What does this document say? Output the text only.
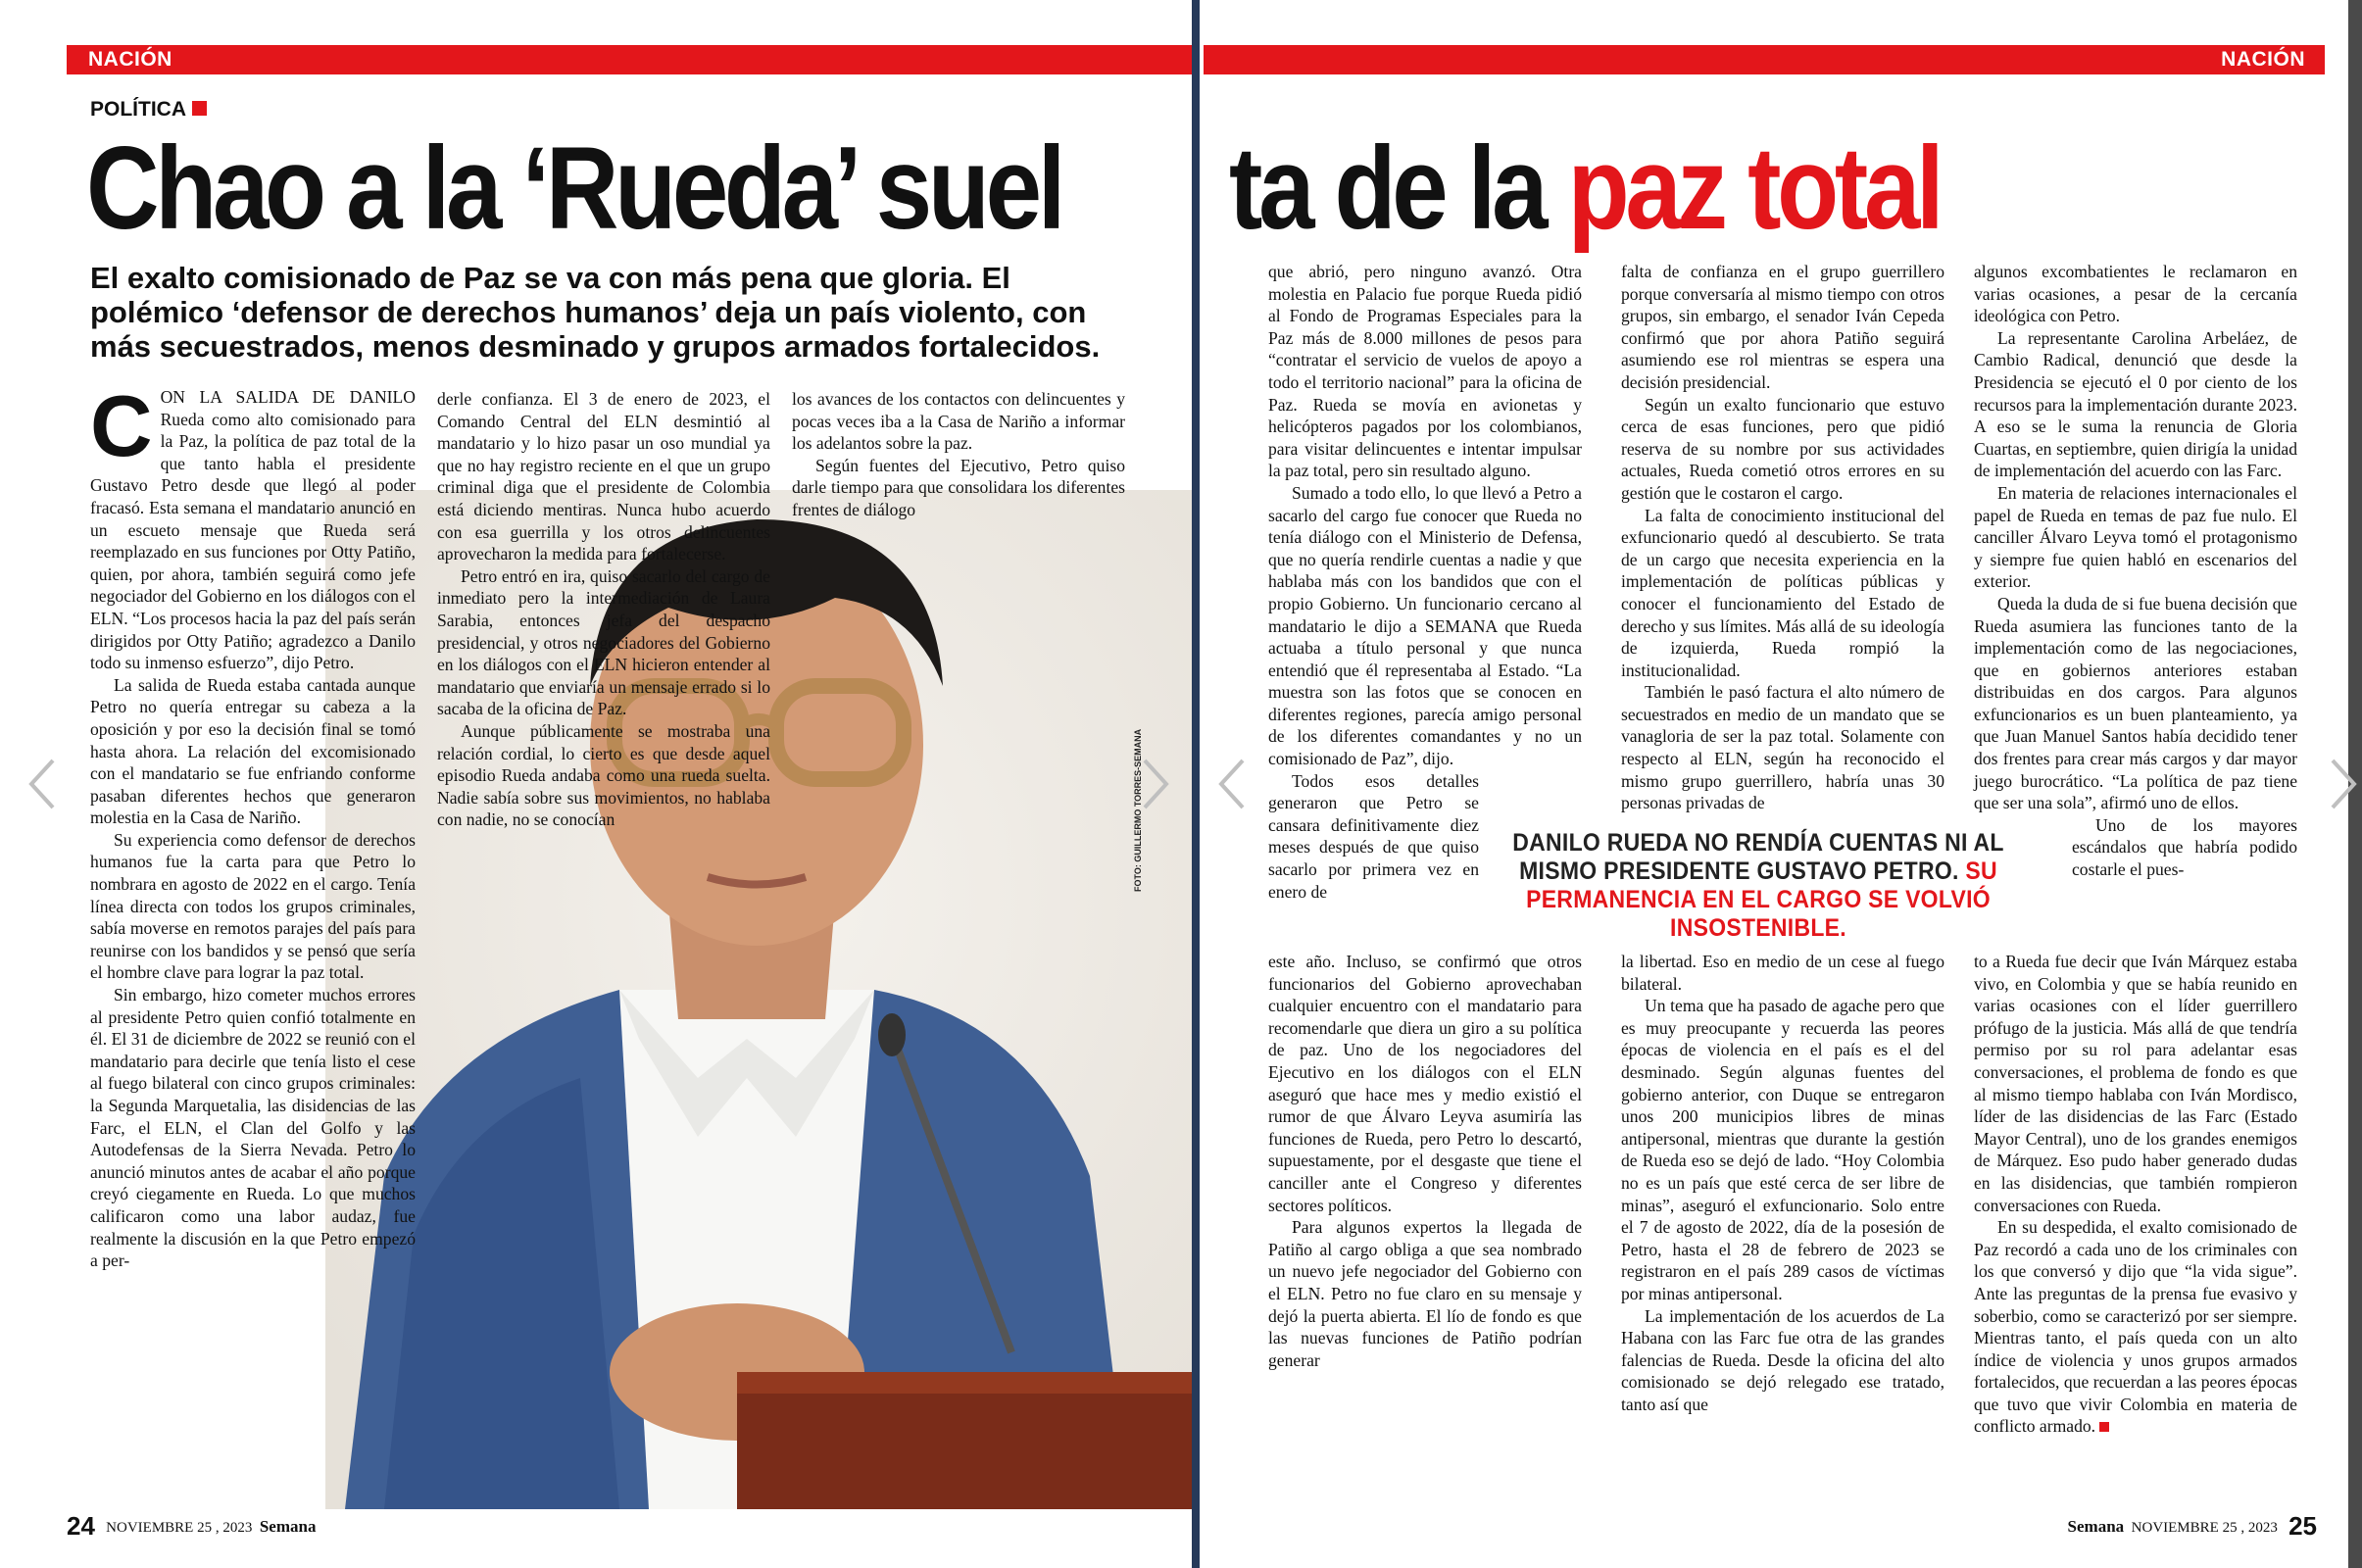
NACIÓN
POLÍTICA
Chao a la ‘Rueda’ suel
El exalto comisionado de Paz se va con más pena que gloria. El polémico ‘defensor de derechos humanos’ deja un país violento, con más secuestrados, menos desminado y grupos armados fortalecidos.
FOTO: GUILLERMO TORRES-SEMANA

CON LA SALIDA DE DANILO Rueda como alto comisionado para la Paz, la política de paz total de la que tanto habla el presidente Gustavo Petro desde que llegó al poder fracasó. Esta semana el mandatario anunció en un escueto mensaje que Rueda será reemplazado en sus funciones por Otty Patiño, quien, por ahora, también seguirá como jefe negociador del Gobierno en los diálogos con el ELN. “Los procesos hacia la paz del país serán dirigidos por Otty Patiño; agradezco a Danilo todo su inmenso esfuerzo”, dijo Petro.

La salida de Rueda estaba cantada aunque Petro no quería entregar su cabeza a la oposición y por eso la decisión final se tomó hasta ahora. La relación del excomisionado con el mandatario se fue enfriando conforme pasaban diferentes hechos que generaron molestia en la Casa de Nariño.

Su experiencia como defensor de derechos humanos fue la carta para que Petro lo nombrara en agosto de 2022 en el cargo. Tenía línea directa con todos los grupos criminales, sabía moverse en remotos parajes del país para reunirse con los bandidos y se pensó que sería el hombre clave para lograr la paz total.

Sin embargo, hizo cometer muchos errores al presidente Petro quien confió totalmente en él. El 31 de diciembre de 2022 se reunió con el mandatario para decirle que tenía listo el cese al fuego bilateral con cinco grupos criminales: la Segunda Marquetalia, las disidencias de las Farc, el ELN, el Clan del Golfo y las Autodefensas de la Sierra Nevada. Petro lo anunció minutos antes de acabar el año porque creyó ciegamente en Rueda. Lo que muchos calificaron como una labor audaz, fue realmente la discusión en la que Petro empezó a per-

derle confianza. El 3 de enero de 2023, el Comando Central del ELN desmintió al mandatario y lo hizo pasar un oso mundial ya que no hay registro reciente en el que un grupo criminal diga que el presidente de Colombia está diciendo mentiras. Nunca hubo acuerdo con esa guerrilla y los otros delincuentes aprovecharon la medida para fortalecerse.

Petro entró en ira, quiso sacarlo del cargo de inmediato pero la intermediación de Laura Sarabia, entonces jefa del despacho presidencial, y otros negociadores del Gobierno en los diálogos con el ELN hicieron entender al mandatario que enviaría un mensaje errado si lo sacaba de la oficina de Paz.

Aunque públicamente se mostraba una relación cordial, lo cierto es que desde aquel episodio Rueda andaba como una rueda suelta. Nadie sabía sobre sus movimientos, no hablaba con nadie, no se conocían

los avances de los contactos con delincuentes y pocas veces iba a la Casa de Nariño a informar los adelantos sobre la paz.

Según fuentes del Ejecutivo, Petro quiso darle tiempo para que consolidara los diferentes frentes de diálogo

24 NOVIEMBRE 25 , 2023 Semana
NACIÓN
ta de la paz total

que abrió, pero ninguno avanzó. Otra molestia en Palacio fue porque Rueda pidió al Fondo de Programas Especiales para la Paz más de 8.000 millones de pesos para “contratar el servicio de vuelos de apoyo a todo el territorio nacional” para la oficina de Paz. Rueda se movía en avionetas y helicópteros pagados por los colombianos, para visitar delincuentes e intentar impulsar la paz total, pero sin resultado alguno.

Sumado a todo ello, lo que llevó a Petro a sacarlo del cargo fue conocer que Rueda no tenía diálogo con el Ministerio de Defensa, que no quería rendirle cuentas a nadie y que hablaba más con los bandidos que con el propio Gobierno. Un funcionario cercano al mandatario le dijo a SEMANA que Rueda actuaba a título personal y que nunca entendió que él representaba al Estado. “La muestra son las fotos que se conocen en diferentes regiones, parecía amigo personal de los diferentes comandantes y no un comisionado de Paz”, dijo.

Todos esos detalles generaron que Petro se cansara definitivamente diez meses después de que quiso sacarlo por primera vez en enero de

falta de confianza en el grupo guerrillero porque conversaría al mismo tiempo con otros grupos, sin embargo, el senador Iván Cepeda confirmó que por ahora Patiño seguirá asumiendo ese rol mientras se espera una decisión presidencial.

Según un exalto funcionario que estuvo cerca de esas funciones, pero que pidió reserva de su nombre por sus actividades actuales, Rueda cometió otros errores en su gestión que le costaron el cargo.

La falta de conocimiento institucional del exfuncionario quedó al descubierto. Se trata de un cargo que necesita experiencia en la implementación de políticas públicas y conocer el funcionamiento del Estado de derecho y sus límites. Más allá de su ideología de izquierda, Rueda rompió la institucionalidad.

También le pasó factura el alto número de secuestrados en medio de un mandato que se vanagloria de ser la paz total. Solamente con respecto al ELN, según ha reconocido el mismo grupo guerrillero, habría unas 30 personas privadas de

algunos excombatientes le reclamaron en varias ocasiones, a pesar de la cercanía ideológica con Petro.

La representante Carolina Arbeláez, de Cambio Radical, denunció que desde la Presidencia se ejecutó el 0 por ciento de los recursos para la implementación durante 2023. A eso se le suma la renuncia de Gloria Cuartas, en septiembre, quien dirigía la unidad de implementación del acuerdo con las Farc.

En materia de relaciones internacionales el papel de Rueda en temas de paz fue nulo. El canciller Álvaro Leyva tomó el protagonismo y siempre fue quien habló en escenarios del exterior.

Queda la duda de si fue buena decisión que Rueda asumiera las funciones tanto de la implementación como de las negociaciones, que en gobiernos anteriores estaban distribuidas en dos cargos. Para algunos exfuncionarios es un buen planteamiento, ya que Juan Manuel Santos había decidido tener dos frentes para crear más cargos y dar mayor juego burocrático. “La política de paz tiene que ser una sola”, afirmó uno de ellos.

Uno de los mayores escándalos que habría podido costarle el pues-

DANILO RUEDA NO RENDÍA CUENTAS NI AL MISMO PRESIDENTE GUSTAVO PETRO. SU PERMANENCIA EN EL CARGO SE VOLVIÓ INSOSTENIBLE.

este año. Incluso, se confirmó que otros funcionarios del Gobierno aprovechaban cualquier encuentro con el mandatario para recomendarle que diera un giro a su política de paz. Uno de los negociadores del Ejecutivo en los diálogos con el ELN aseguró que hace mes y medio existió el rumor de que Álvaro Leyva asumiría las funciones de Rueda, pero Petro lo descartó, supuestamente, por el desgaste que tiene el canciller ante el Congreso y diferentes sectores políticos.

Para algunos expertos la llegada de Patiño al cargo obliga a que sea nombrado un nuevo jefe negociador del Gobierno con el ELN. Petro no fue claro en su mensaje y dejó la puerta abierta. El lío de fondo es que las nuevas funciones de Patiño podrían generar

la libertad. Eso en medio de un cese al fuego bilateral.

Un tema que ha pasado de agache pero que es muy preocupante y recuerda las peores épocas de violencia en el país es el del desminado. Según algunas fuentes del gobierno anterior, con Duque se entregaron unos 200 municipios libres de minas antipersonal, mientras que durante la gestión de Rueda eso se dejó de lado. “Hoy Colombia no es un país que esté cerca de ser libre de minas”, aseguró el exfuncionario. Solo entre el 7 de agosto de 2022, día de la posesión de Petro, hasta el 28 de febrero de 2023 se registraron en el país 289 casos de víctimas por minas antipersonal.

La implementación de los acuerdos de La Habana con las Farc fue otra de las grandes falencias de Rueda. Desde la oficina del alto comisionado se dejó relegado ese tratado, tanto así que

to a Rueda fue decir que Iván Márquez estaba vivo, en Colombia y que se había reunido en varias ocasiones con el líder guerrillero prófugo de la justicia. Más allá de que tendría permiso por su rol para adelantar esas conversaciones, el problema de fondo es que al mismo tiempo hablaba con Iván Mordisco, líder de las disidencias de las Farc (Estado Mayor Central), uno de los grandes enemigos de Márquez. Eso pudo haber generado dudas en las disidencias, que también rompieron conversaciones con Rueda.

En su despedida, el exalto comisionado de Paz recordó a cada uno de los criminales con los que conversó y dijo que “la vida sigue”. Ante las preguntas de la prensa fue evasivo y soberbio, como se caracterizó por ser siempre. Mientras tanto, el país queda con un alto índice de violencia y unos grupos armados fortalecidos, que recuerdan a las peores épocas que tuvo que vivir Colombia en materia de conflicto armado.

Semana NOVIEMBRE 25 , 2023 25
